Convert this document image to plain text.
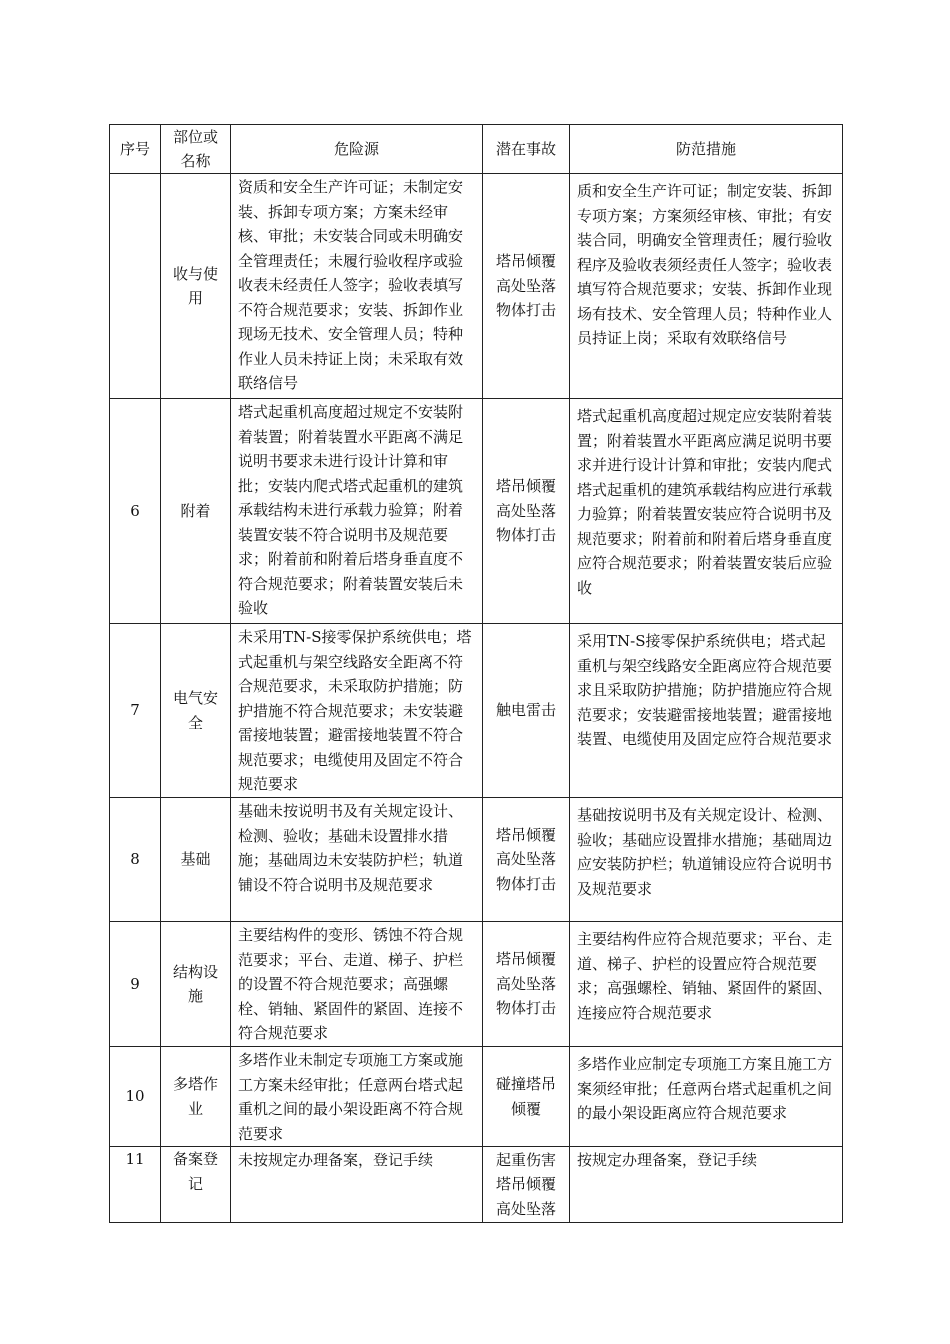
序号	部位或名称	危险源	潜在事故	防范措施
	收与使用	资质和安全生产许可证；未制定安装、拆卸专项方案；方案未经审核、审批；未安装合同或未明确安全管理责任；未履行验收程序或验收表未经责任人签字；验收表填写不符合规范要求；安装、拆卸作业现场无技术、安全管理人员；特种作业人员未持证上岗；未采取有效联络信号	塔吊倾覆高处坠落物体打击	质和安全生产许可证；制定安装、拆卸专项方案；方案须经审核、审批；有安装合同，明确安全管理责任；履行验收程序及验收表须经责任人签字；验收表填写符合规范要求；安装、拆卸作业现场有技术、安全管理人员；特种作业人员持证上岗；采取有效联络信号
6	附着	塔式起重机高度超过规定不安装附着装置；附着装置水平距离不满足说明书要求未进行设计计算和审批；安装内爬式塔式起重机的建筑承载结构未进行承载力验算；附着装置安装不符合说明书及规范要求；附着前和附着后塔身垂直度不符合规范要求；附着装置安装后未验收	塔吊倾覆高处坠落物体打击	塔式起重机高度超过规定应安装附着装置；附着装置水平距离应满足说明书要求并进行设计计算和审批；安装内爬式塔式起重机的建筑承载结构应进行承载力验算；附着装置安装应符合说明书及规范要求；附着前和附着后塔身垂直度应符合规范要求；附着装置安装后应验收
7	电气安全	未采用TN-S接零保护系统供电；塔式起重机与架空线路安全距离不符合规范要求，未采取防护措施；防护措施不符合规范要求；未安装避雷接地装置；避雷接地装置不符合规范要求；电缆使用及固定不符合规范要求	触电雷击	采用TN-S接零保护系统供电；塔式起重机与架空线路安全距离应符合规范要求且采取防护措施；防护措施应符合规范要求；安装避雷接地装置；避雷接地装置、电缆使用及固定应符合规范要求
8	基础	基础未按说明书及有关规定设计、检测、验收；基础未设置排水措施；基础周边未安装防护栏；轨道铺设不符合说明书及规范要求	塔吊倾覆高处坠落物体打击	基础按说明书及有关规定设计、检测、验收；基础应设置排水措施；基础周边应安装防护栏；轨道铺设应符合说明书及规范要求
9	结构设施	主要结构件的变形、锈蚀不符合规范要求；平台、走道、梯子、护栏的设置不符合规范要求；高强螺栓、销轴、紧固件的紧固、连接不符合规范要求	塔吊倾覆高处坠落物体打击	主要结构件应符合规范要求；平台、走道、梯子、护栏的设置应符合规范要求；高强螺栓、销轴、紧固件的紧固、连接应符合规范要求
10	多塔作业	多塔作业未制定专项施工方案或施工方案未经审批；任意两台塔式起重机之间的最小架设距离不符合规范要求	碰撞塔吊倾覆	多塔作业应制定专项施工方案且施工方案须经审批；任意两台塔式起重机之间的最小架设距离应符合规范要求
11	备案登记	未按规定办理备案，登记手续	起重伤害塔吊倾覆高处坠落	按规定办理备案，登记手续
